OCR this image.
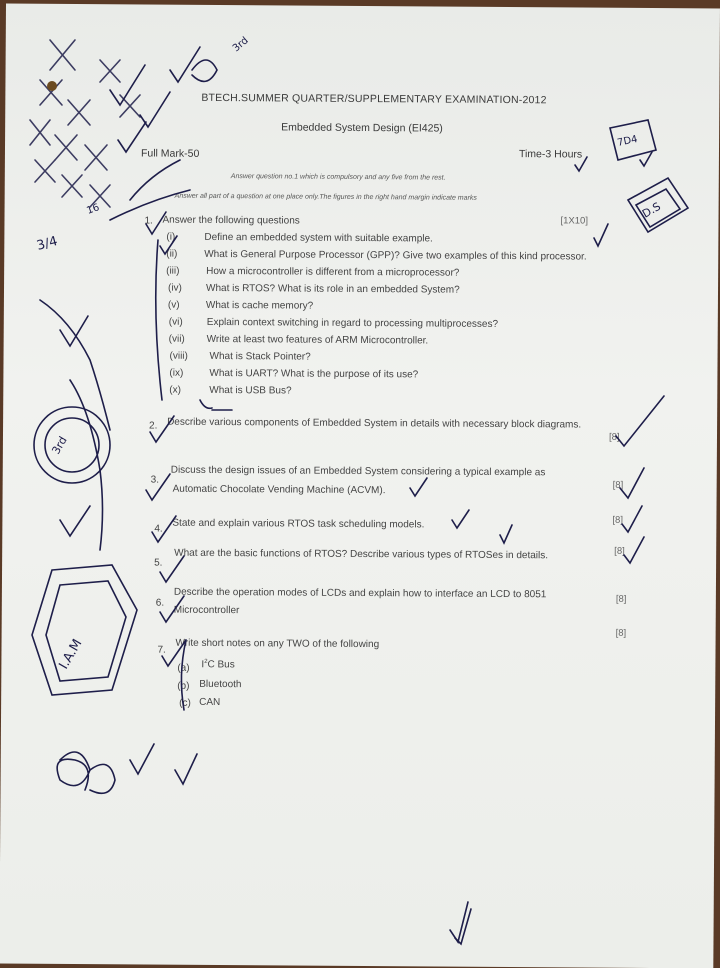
BTECH.SUMMER QUARTER/SUPPLEMENTARY EXAMINATION-2012
Embedded System Design (EI425)
Full Mark-50	Time-3 Hours
Answer question no.1 which is compulsory and any five from the rest.
Answer all part of a question at one place only.The figures in the right hand margin indicate marks
1. Answer the following questions	[1X10]
(i)	Define an embedded system with suitable example.
(ii)	What is General Purpose Processor (GPP)? Give two examples of this kind processor.
(iii)	How a microcontroller is different from a microprocessor?
(iv) What is RTOS? What is its role in an embedded System?
(v)	What is cache memory?
(vi) Explain context switching in regard to processing multiprocesses?
(vii) Write at least two features of ARM Microcontroller.
(viii) What is Stack Pointer?
(ix)	What is UART? What is the purpose of its use?
(x)	What is USB Bus?
2. Describe various components of Embedded System in details with necessary block diagrams.
[8]
3.
Discuss the design issues of an Embedded System considering a typical example as
Automatic Chocolate Vending Machine (ACVM).	[8]
4. State and explain various RTOS task scheduling models.	[8]
5.
What are the basic functions of RTOS? Describe various types of RTOSes in details.	[8]
6.
Describe the operation modes of LCDs and explain how to interface an LCD to 8051
Microcontroller
[8]
[8]
7. Write short notes on any TWO of the following
(a) $I^2C$ Bus
(b) Bluetooth
(c) CAN
3rd
3/4
16
7D4
D.S
3rd
I.A.M
